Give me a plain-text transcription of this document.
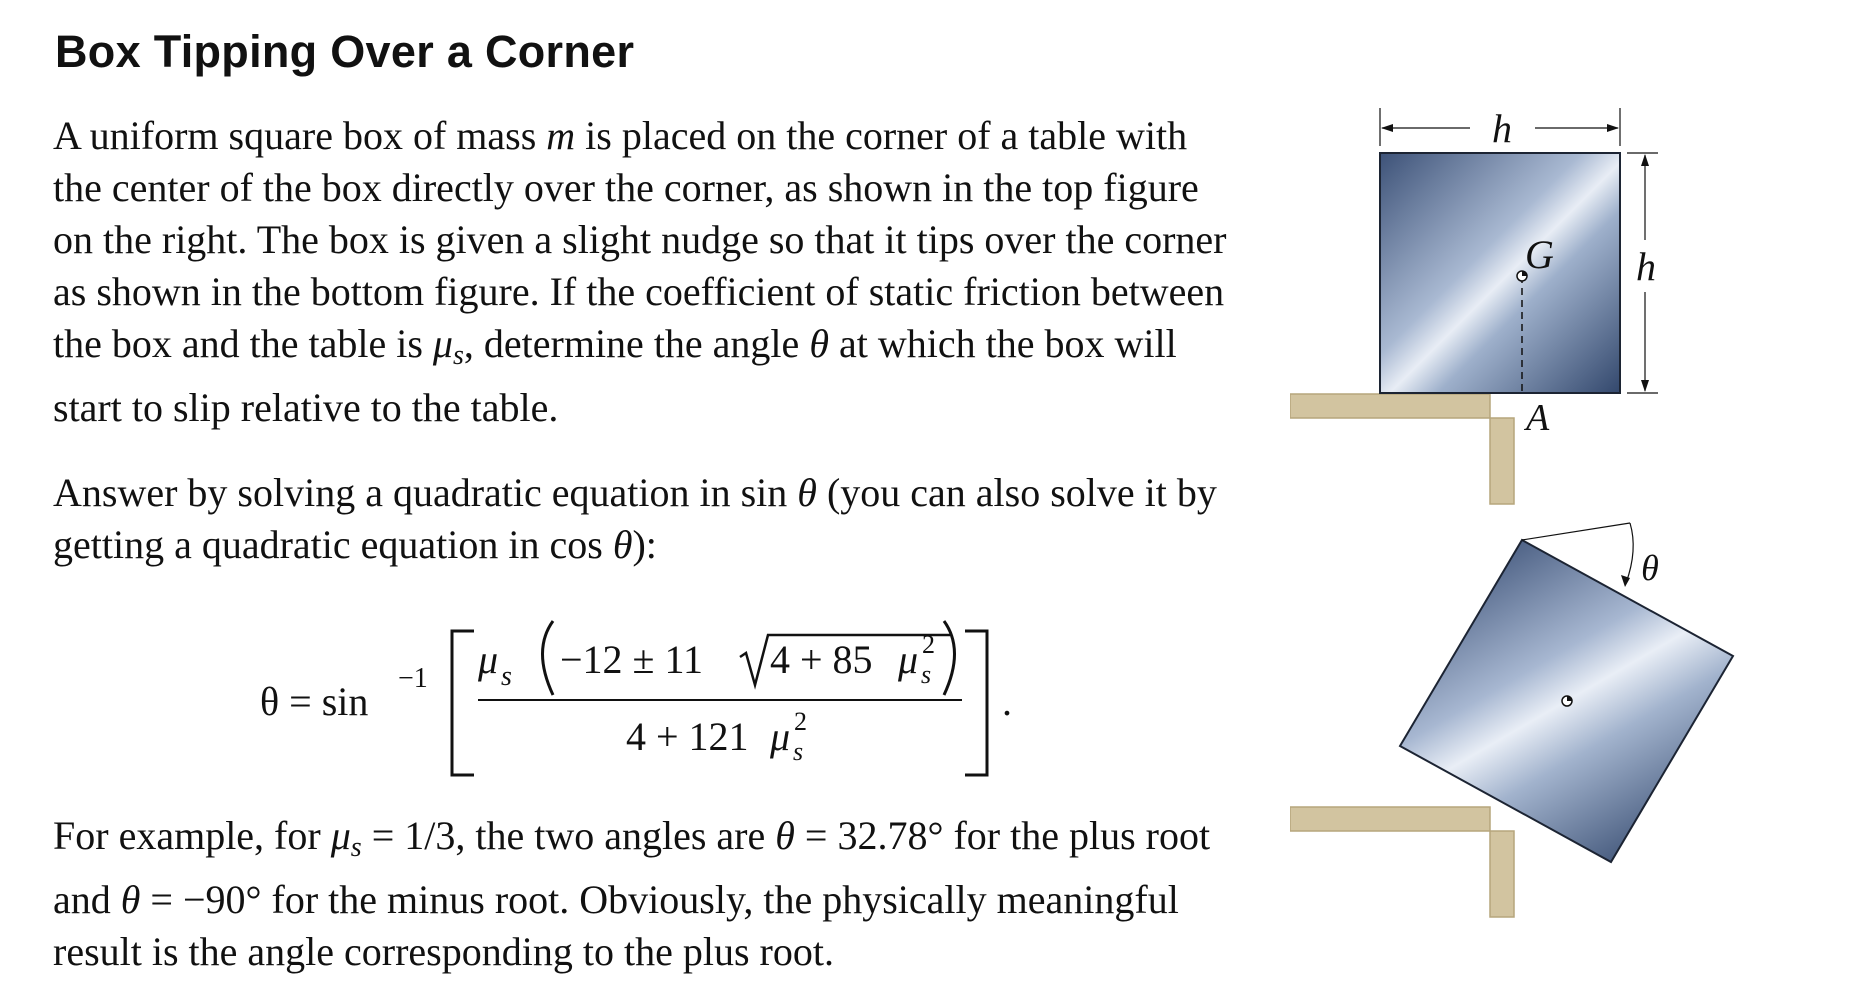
Box Tipping Over a Corner
A uniform square box of mass m is placed on the corner of a table with the center of the box directly over the corner, as shown in the top figure on the right. The box is given a slight nudge so that it tips over the corner as shown in the bottom figure. If the coefficient of static friction between the box and the table is $\mu_s$, determine the angle θ at which the box will start to slip relative to the table.
Answer by solving a quadratic equation in sin θ (you can also solve it by getting a quadratic equation in cos θ):
θ = sin
−1 μ s −12 ± 11 4 + 85 μ 2
s
4 + 121 μ 2
s
.
For example, for $\mu_s = 1/3$, the two angles are θ = 32.78° for the plus root and θ = −90° for the minus root. Obviously, the physically meaningful result is the angle corresponding to the plus root.
h
h
G
A
θ
